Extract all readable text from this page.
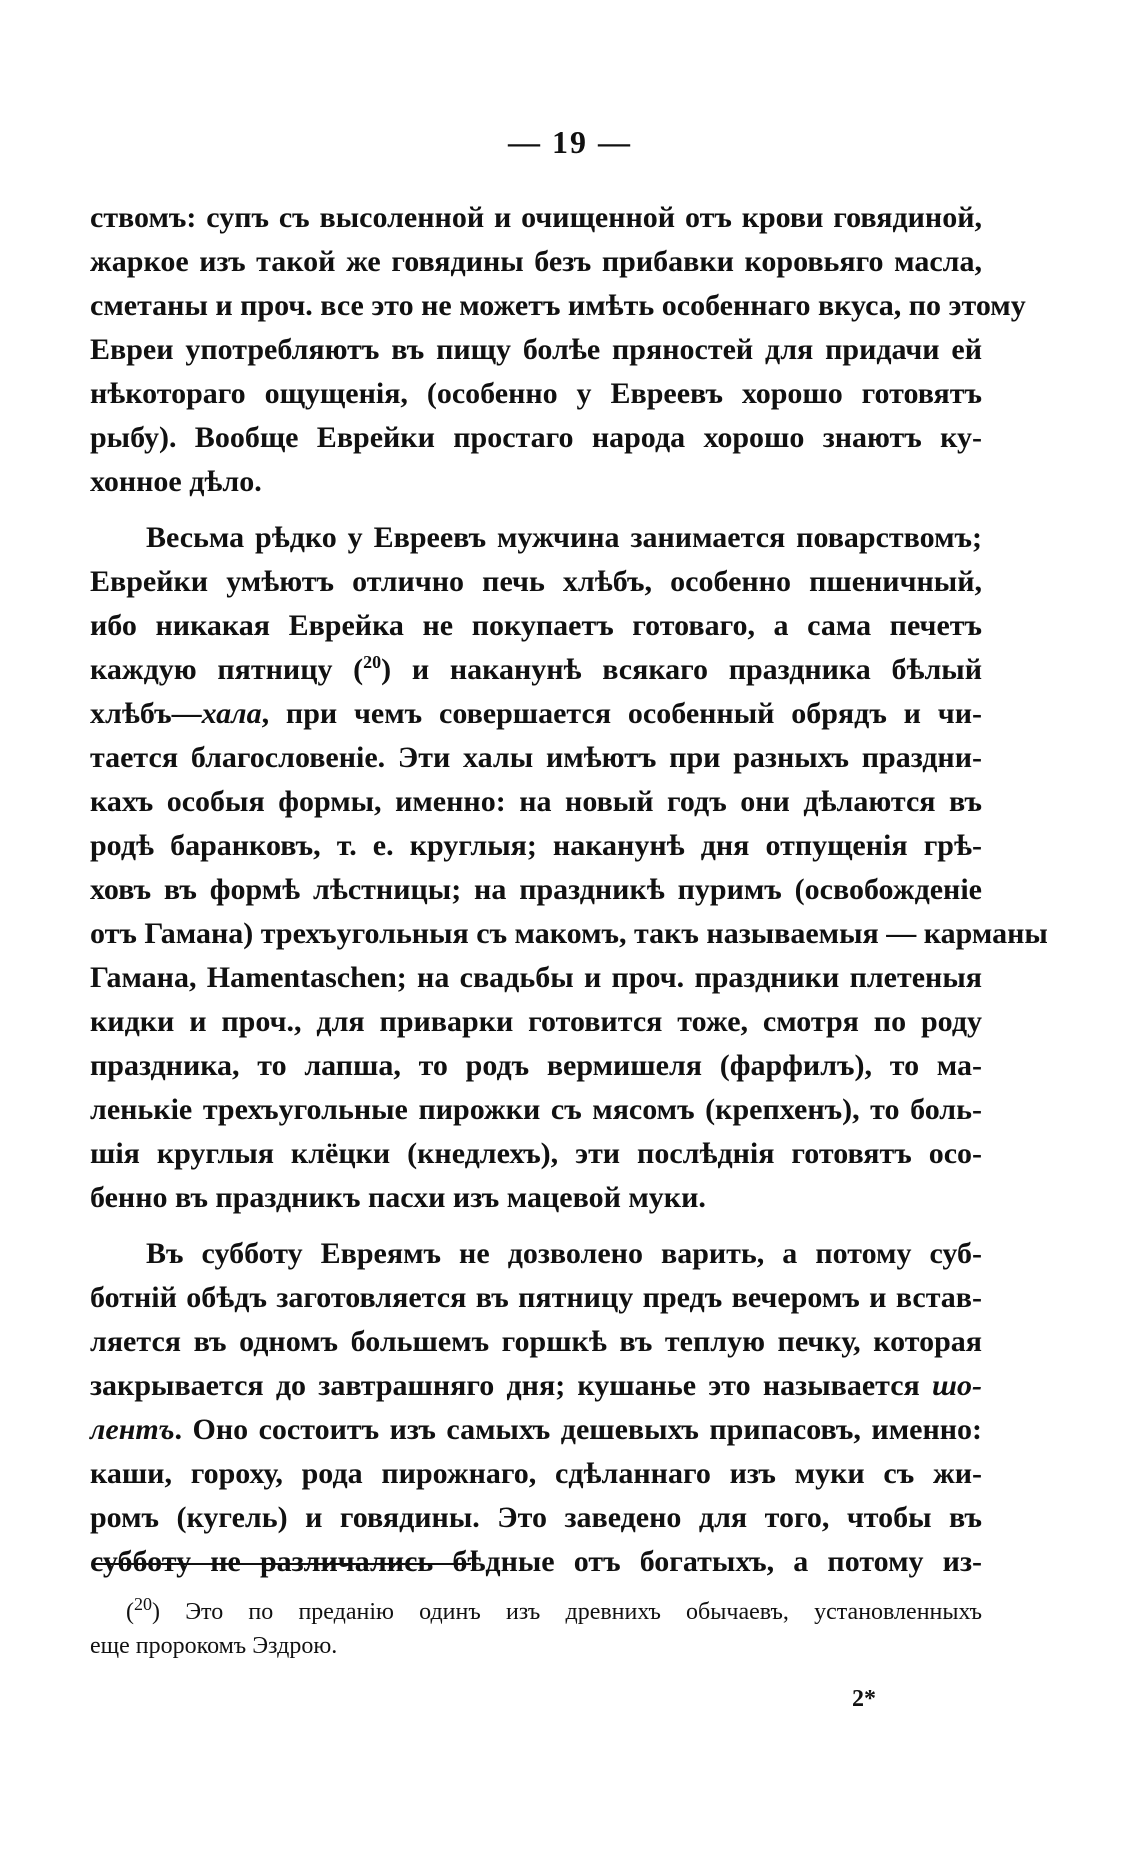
— 19 —
ствомъ: супъ съ высоленной и очищенной отъ крови говядиной,
жаркое изъ такой же говядины безъ прибавки коровьяго масла,
сметаны и проч. все это не можетъ имѣть особеннаго вкуса, по этому
Евреи употребляютъ въ пищу болѣе пряностей для придачи ей
нѣкотораго ощущенія, (особенно у Евреевъ хорошо готовятъ
рыбу). Вообще Еврейки простаго народа хорошо знаютъ ку-
хонное дѣло.
Весьма рѣдко у Евреевъ мужчина занимается поварствомъ;
Еврейки умѣютъ отлично печь хлѣбъ, особенно пшеничный,
ибо никакая Еврейка не покупаетъ готоваго, а сама печетъ
каждую пятницу ($^{20}$) и наканунѣ всякаго праздника бѣлый
хлѣбъ—хала, при чемъ совершается особенный обрядъ и чи-
тается благословеніе. Эти халы имѣютъ при разныхъ праздни-
кахъ особыя формы, именно: на новый годъ они дѣлаются въ
родѣ баранковъ, т. е. круглыя; наканунѣ дня отпущенія грѣ-
ховъ въ формѣ лѣстницы; на праздникѣ пуримъ (освобожденіе
отъ Гамана) трехъугольныя съ макомъ, такъ называемыя — карманы
Гамана, Hamentaschen; на свадьбы и проч. праздники плетеныя
кидки и проч., для приварки готовится тоже, смотря по роду
праздника, то лапша, то родъ вермишеля (фарфилъ), то ма-
ленькіе трехъугольные пирожки съ мясомъ (крепхенъ), то боль-
шія круглыя клёцки (кнедлехъ), эти послѣднія готовятъ осо-
бенно въ праздникъ пасхи изъ мацевой муки.
Въ субботу Евреямъ не дозволено варить, а потому суб-
ботній обѣдъ заготовляется въ пятницу предъ вечеромъ и встав-
ляется въ одномъ большемъ горшкѣ въ теплую печку, которая
закрывается до завтрашняго дня; кушанье это называется шо-
лентъ. Оно состоитъ изъ самыхъ дешевыхъ припасовъ, именно:
каши, гороху, рода пирожнаго, сдѣланнаго изъ муки съ жи-
ромъ (кугель) и говядины. Это заведено для того, чтобы въ
субботу не различались бѣдные отъ богатыхъ, а потому из-
($^{20}$) Это по преданію одинъ изъ древнихъ обычаевъ, установленныхъ
еще пророкомъ Эздрою.
2*
